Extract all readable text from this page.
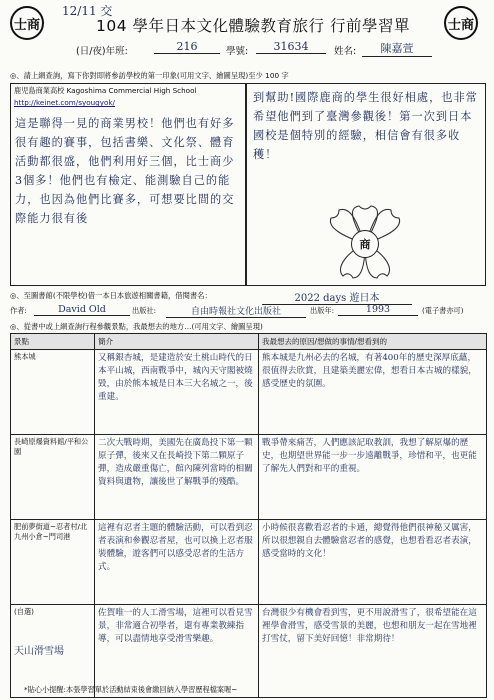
12/11 交
士商	士商
104 學年日本文化體驗教育旅行 行前學習單
(日/夜)年班:	216	學號:	31634	姓名:	陳嘉萱
◎、請上網查詢，寫下你對即將參訪學校的第一印象(可用文字、繪圖呈現)至少 100 字
鹿児島商業高校 Kagoshima Commercial High School
http://keinet.com/syougyok/
這是聯得一見的商業男校！他們也有好多很有趣的賽事，包括書樂、文化祭、體育活動都很盛，他們利用好三個，比士商少3個多！他們也有檢定、能測驗自己的能力，也因為他們比賽多，可想要比間的交際能力很有後
到幫助!國際鹿商的學生很好相處，也非常希望他們到了臺灣參觀後！第一次到日本國校是個特別的經驗，相信會有很多收穫！
商
◎、至圖書館(不限學校)借一本日本旅遊相關書籍，借閱書名：	2022 days 遊日本
作者:	David Old	出版社:	自由時報社文化出版社	出版年:	1993	(電子書亦可)
◎、從書中或上網查詢行程參觀景點，我最想去的地方…(可用文字、繪圖呈現)
景點	簡介	我最想去的原因/想做的事情/想看到的
熊本城	又稱銀杏城，是建造於安土桃山時代的日本平山城，西南戰爭中，城內天守閣被燒毀，由於熊本城是日本三大名城之一，後重建。	熊本城是九州必去的名城，有著400年的歷史深厚底蘊，很值得去欣賞，且建築美麗宏偉，想看日本古城的樣貌，感受歷史的氛圍。

長崎原爆資料館/平和公園	二次大戰時期，美國先在廣島投下第一顆原子彈，後來又在長崎投下第二顆原子彈，造成嚴重傷亡，館內陳列當時的相關資料與遺物，讓後世了解戰爭的殘酷。	戰爭帶來痛苦，人們應該記取教訓，我想了解原爆的歷史，也期望世界能一步一步遠離戰爭，珍惜和平，也更能了解先人們對和平的重視。

肥前夢街道~忍者村/北九州小倉~門司港	這裡有忍者主題的體驗活動，可以看到忍者表演和參觀忍者屋，也可以換上忍者服裝體驗，遊客們可以感受忍者的生活方式。	小時候很喜歡看忍者的卡通，總覺得他們很神秘又厲害，所以很想親自去體驗當忍者的感覺，也想看看忍者表演，感受當時的文化！

(自選)
天山滑雪場	佐賀唯一的人工滑雪場，這裡可以看見雪景，非常適合初學者，還有專業教練指導，可以盡情地享受滑雪樂趣。	台灣很少有機會看到雪，更不用說滑雪了，很希望能在這裡學會滑雪，感受雪景的美麗，也想和朋友一起在雪地裡打雪仗，留下美好回憶！非常期待！
*貼心小提醒:本張學習單於活動結束後會繳回納入學習歷程檔案喔~
